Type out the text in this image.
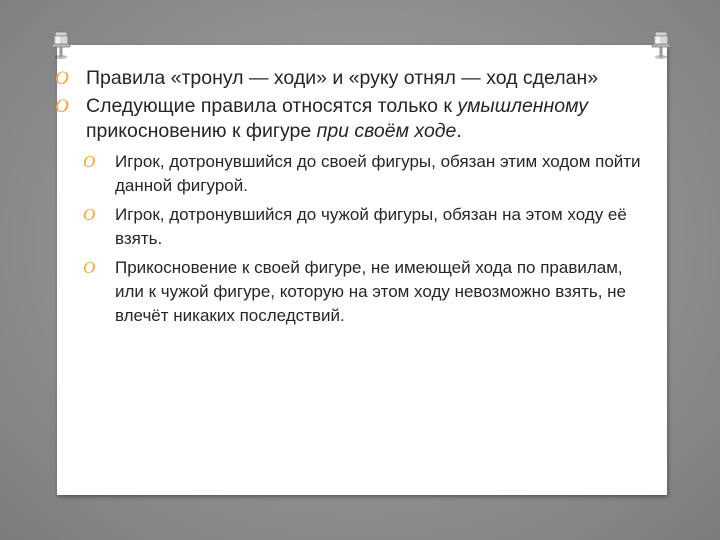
O Правила «тронул — ходи» и «руку отнял — ход сделан»
O Следующие правила относятся только к умышленному прикосновению к фигуре при своём ходе.
O Игрок, дотронувшийся до своей фигуры, обязан этим ходом пойти данной фигурой.
O Игрок, дотронувшийся до чужой фигуры, обязан на этом ходу её взять.
O Прикосновение к своей фигуре, не имеющей хода по правилам, или к чужой фигуре, которую на этом ходу невозможно взять, не влечёт никаких последствий.
